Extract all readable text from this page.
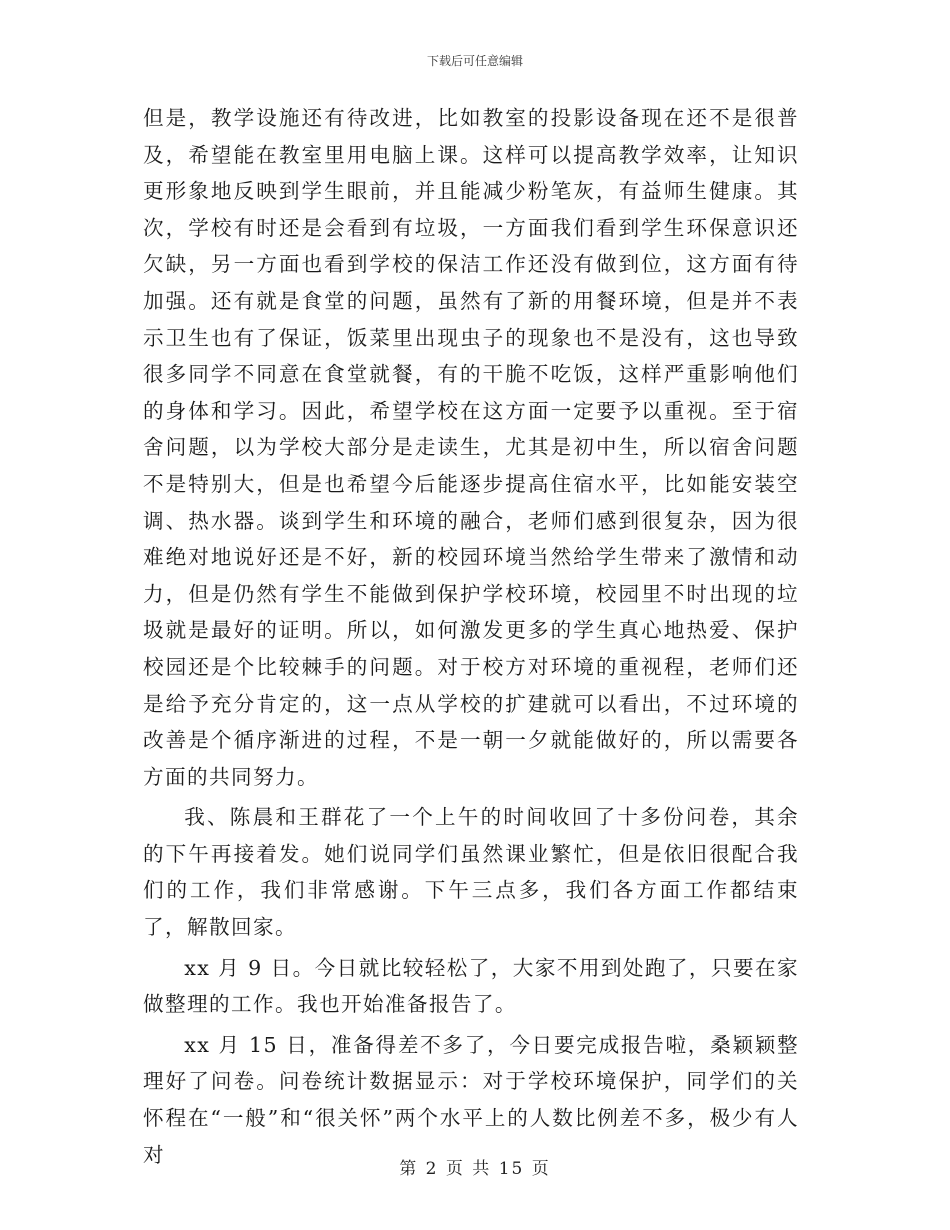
下载后可任意编辑

但是，教学设施还有待改进，比如教室的投影设备现在还不是很普及，希望能在教室里用电脑上课。这样可以提高教学效率，让知识更形象地反映到学生眼前，并且能减少粉笔灰，有益师生健康。其次，学校有时还是会看到有垃圾，一方面我们看到学生环保意识还欠缺，另一方面也看到学校的保洁工作还没有做到位，这方面有待加强。还有就是食堂的问题，虽然有了新的用餐环境，但是并不表示卫生也有了保证，饭菜里出现虫子的现象也不是没有，这也导致很多同学不同意在食堂就餐，有的干脆不吃饭，这样严重影响他们的身体和学习。因此，希望学校在这方面一定要予以重视。至于宿舍问题，以为学校大部分是走读生，尤其是初中生，所以宿舍问题不是特别大，但是也希望今后能逐步提高住宿水平，比如能安装空调、热水器。谈到学生和环境的融合，老师们感到很复杂，因为很难绝对地说好还是不好，新的校园环境当然给学生带来了激情和动力，但是仍然有学生不能做到保护学校环境，校园里不时出现的垃圾就是最好的证明。所以，如何激发更多的学生真心地热爱、保护校园还是个比较棘手的问题。对于校方对环境的重视程，老师们还是给予充分肯定的，这一点从学校的扩建就可以看出，不过环境的改善是个循序渐进的过程，不是一朝一夕就能做好的，所以需要各方面的共同努力。

我、陈晨和王群花了一个上午的时间收回了十多份问卷，其余的下午再接着发。她们说同学们虽然课业繁忙，但是依旧很配合我们的工作，我们非常感谢。下午三点多，我们各方面工作都结束了，解散回家。

xx 月 9 日。今日就比较轻松了，大家不用到处跑了，只要在家做整理的工作。我也开始准备报告了。

xx 月 15 日，准备得差不多了，今日要完成报告啦，桑颖颖整理好了问卷。问卷统计数据显示：对于学校环境保护，同学们的关怀程在“一般”和“很关怀”两个水平上的人数比例差不多，极少有人对

第 2 页 共 15 页
